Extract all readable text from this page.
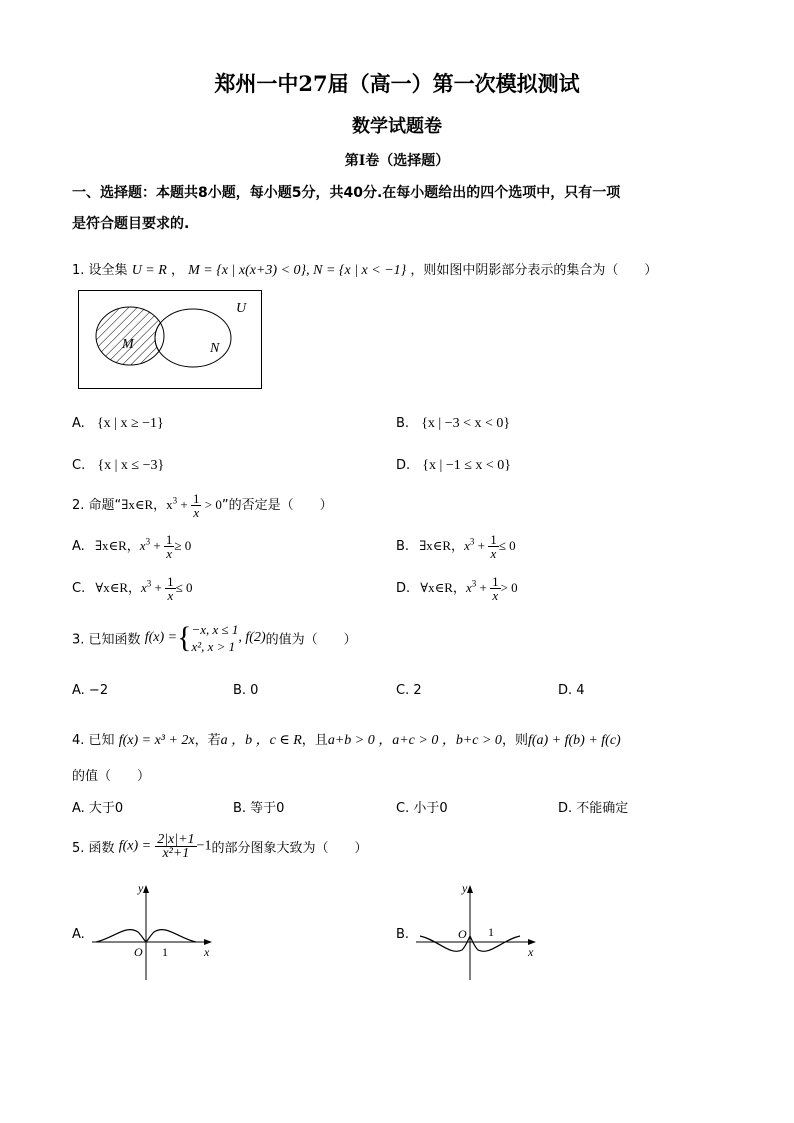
郑州一中27届（高一）第一次模拟测试
数学试题卷
第I卷（选择题）
一、选择题：本题共8小题，每小题5分，共40分.在每小题给出的四个选项中，只有一项
是符合题目要求的.
1. 设全集 U = R ， M = {x | x(x+3) < 0}, N = {x | x < −1} ，则如图中阴影部分表示的集合为（　　）
U
M	N
A. {x | x ≥ −1}	B. {x | −3 < x < 0}
C. {x | x ≤ −3}	D. {x | −1 ≤ x < 0}
2. 命题“∃x∈R，$x^3 + \frac{1}{x} > 0$”的否定是（　　）
A. ∃x∈R，$x^3 + \frac{1}{x} \ge 0$	B. ∃x∈R，$x^3 + \frac{1}{x} \le 0$
C. ∀x∈R，$x^3 + \frac{1}{x} \le 0$	D. ∀x∈R，$x^3 + \frac{1}{x} > 0$
3. 已知函数 f(x) ={ −x, x ≤ 1
x², x > 1
, f(2)的值为（　　）
A. −2	B. 0	C. 2	D. 4
4. 已知 f(x) = x³ + 2x，若a ，b ，c ∈ R，且a+b > 0 ，a+c > 0 ，b+c > 0，则f(a) + f(b) + f(c)
的值（　　）
A. 大于0	B. 等于0	C. 小于0	D. 不能确定
5. 函数 $f(x) = \frac{2|x|+1}{\text{x²+1}} -1$的部分图象大致为（　　）
A.
y
x
O 1
B.
y
x
O 1
